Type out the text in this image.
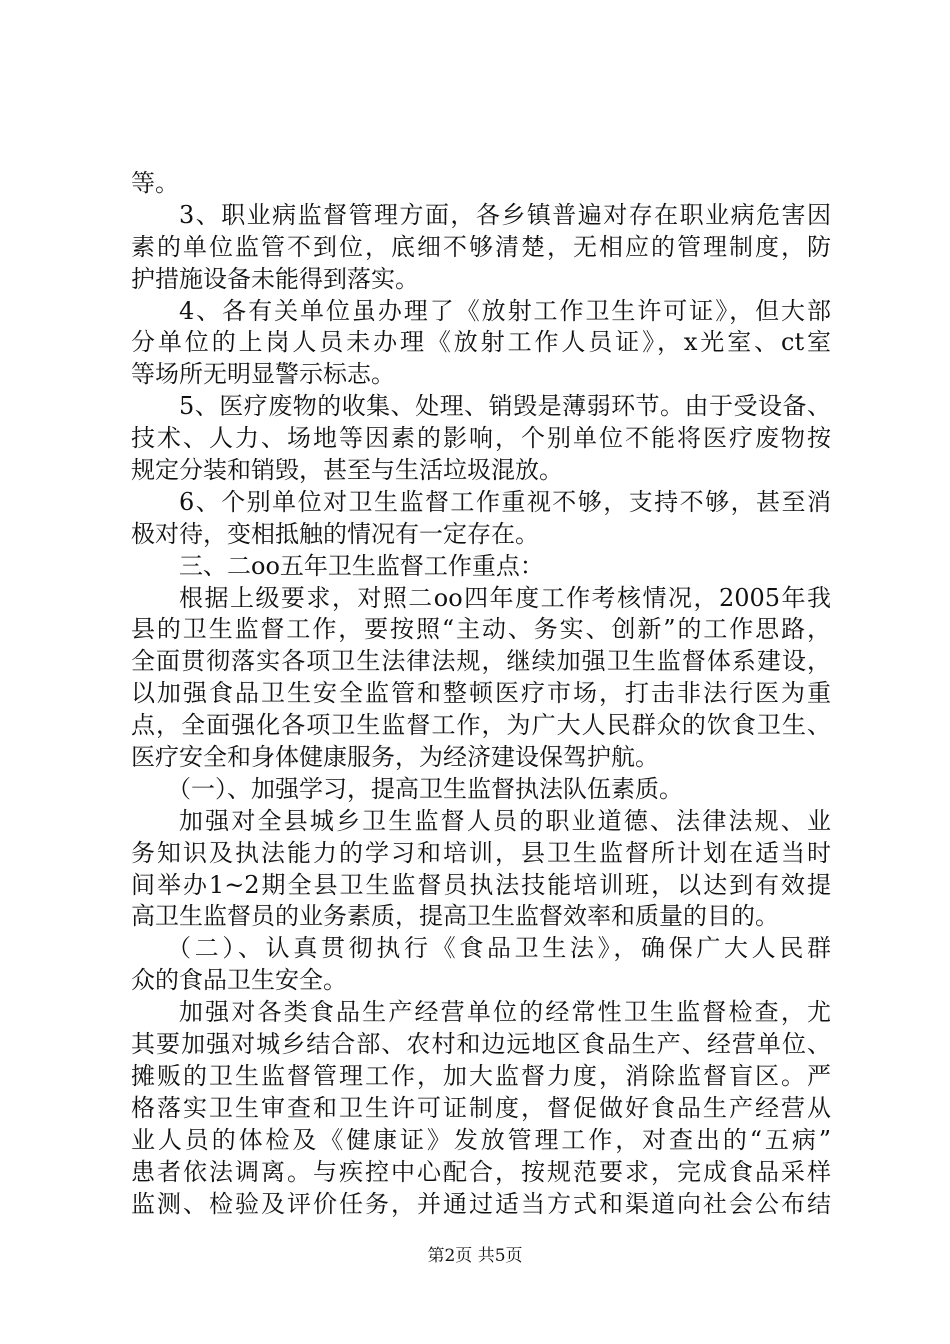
等。
3、职业病监督管理方面，各乡镇普遍对存在职业病危害因
素的单位监管不到位，底细不够清楚，无相应的管理制度，防
护措施设备未能得到落实。
4、各有关单位虽办理了《放射工作卫生许可证》，但大部
分单位的上岗人员未办理《放射工作人员证》，x光室、ct室
等场所无明显警示标志。
5、医疗废物的收集、处理、销毁是薄弱环节。由于受设备、
技术、人力、场地等因素的影响，个别单位不能将医疗废物按
规定分装和销毁，甚至与生活垃圾混放。
6、个别单位对卫生监督工作重视不够，支持不够，甚至消
极对待，变相抵触的情况有一定存在。
三、二oo五年卫生监督工作重点：
根据上级要求，对照二oo四年度工作考核情况，2005年我
县的卫生监督工作，要按照“主动、务实、创新”的工作思路，
全面贯彻落实各项卫生法律法规，继续加强卫生监督体系建设，
以加强食品卫生安全监管和整顿医疗市场，打击非法行医为重
点，全面强化各项卫生监督工作，为广大人民群众的饮食卫生、
医疗安全和身体健康服务，为经济建设保驾护航。
（一）、加强学习，提高卫生监督执法队伍素质。
加强对全县城乡卫生监督人员的职业道德、法律法规、业
务知识及执法能力的学习和培训，县卫生监督所计划在适当时
间举办1~2期全县卫生监督员执法技能培训班，以达到有效提
高卫生监督员的业务素质，提高卫生监督效率和质量的目的。
（二）、认真贯彻执行《食品卫生法》，确保广大人民群
众的食品卫生安全。
加强对各类食品生产经营单位的经常性卫生监督检查，尤
其要加强对城乡结合部、农村和边远地区食品生产、经营单位、
摊贩的卫生监督管理工作，加大监督力度，消除监督盲区。严
格落实卫生审查和卫生许可证制度，督促做好食品生产经营从
业人员的体检及《健康证》发放管理工作，对查出的“五病”
患者依法调离。与疾控中心配合，按规范要求，完成食品采样
监测、检验及评价任务，并通过适当方式和渠道向社会公布结
第2页 共5页
